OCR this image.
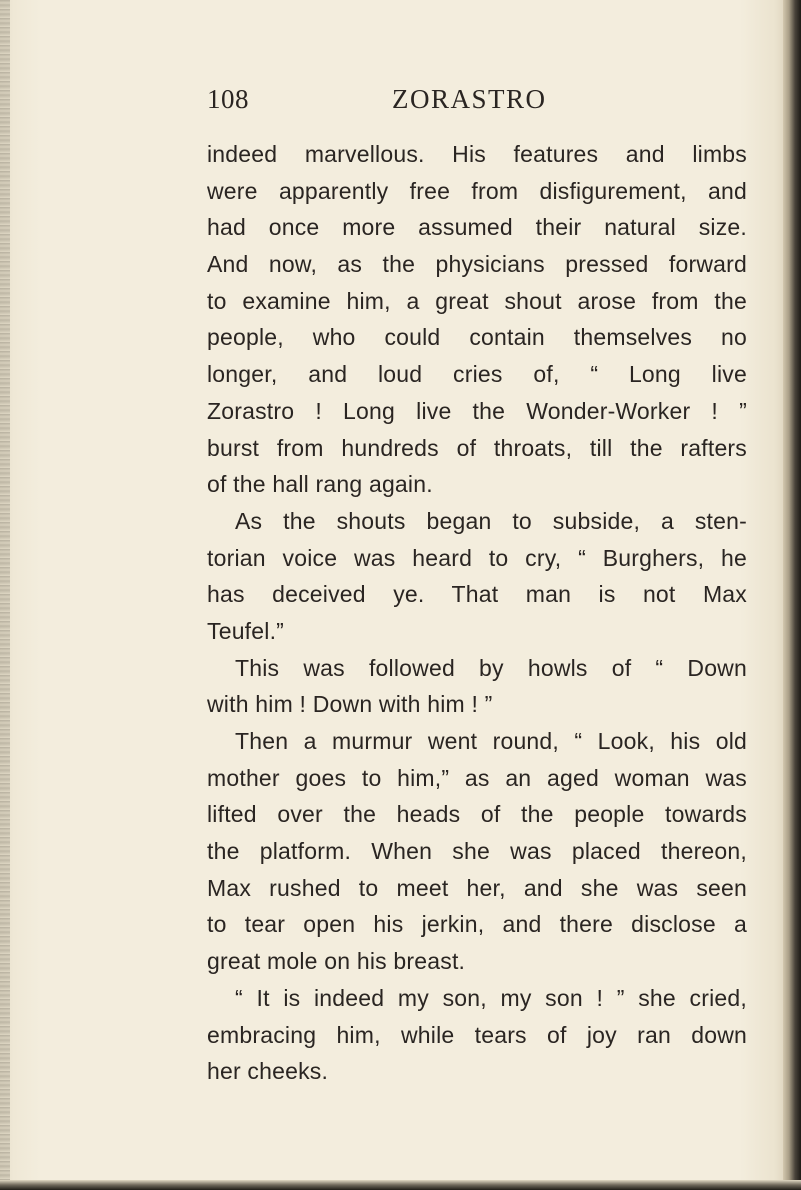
108	ZORASTRO
indeed marvellous. His features and limbs
were apparently free from disfigurement, and
had once more assumed their natural size.
And now, as the physicians pressed forward
to examine him, a great shout arose from the
people, who could contain themselves no
longer, and loud cries of, “ Long live
Zorastro ! Long live the Wonder-Worker ! ”
burst from hundreds of throats, till the rafters
of the hall rang again.
As the shouts began to subside, a sten-
torian voice was heard to cry, “ Burghers, he
has deceived ye. That man is not Max
Teufel.”
This was followed by howls of “ Down
with him ! Down with him ! ”
Then a murmur went round, “ Look, his old
mother goes to him,” as an aged woman was
lifted over the heads of the people towards
the platform. When she was placed thereon,
Max rushed to meet her, and she was seen
to tear open his jerkin, and there disclose a
great mole on his breast.
“ It is indeed my son, my son ! ” she cried,
embracing him, while tears of joy ran down
her cheeks.
